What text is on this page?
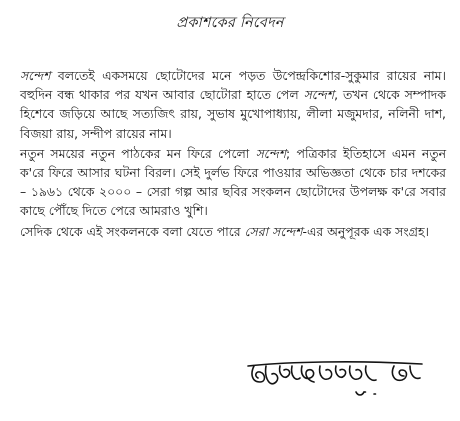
প্রকাশকের নিবেদন

সন্দেশ বলতেই একসময়ে ছোটোদের মনে পড়ত উপেন্দ্রকিশোর-সুকুমার রায়ের নাম। বহুদিন বন্ধ থাকার পর যখন আবার ছোটোরা হাতে পেল সন্দেশ, তখন থেকে সম্পাদক হিশেবে জড়িয়ে আছে সত্যজিৎ রায়, সুভাষ মুখোপাধ্যায়, লীলা মজুমদার, নলিনী দাশ, বিজয়া রায়, সন্দীপ রায়ের নাম।

নতুন সময়ের নতুন পাঠকের মন ফিরে পেলো সন্দেশ; পত্রিকার ইতিহাসে এমন নতুন ক'রে ফিরে আসার ঘটনা বিরল। সেই দুর্লভ ফিরে পাওয়ার অভিজ্ঞতা থেকে চার দশকের – ১৯৬১ থেকে ২০০০ – সেরা গল্প আর ছবির সংকলন ছোটোদের উপলক্ষ ক'রে সবার কাছে পৌঁছে দিতে পেরে আমরাও খুশি।

সেদিক থেকে এই সংকলনকে বলা যেতে পারে সেরা সন্দেশ-এর অনুপূরক এক সংগ্রহ।
